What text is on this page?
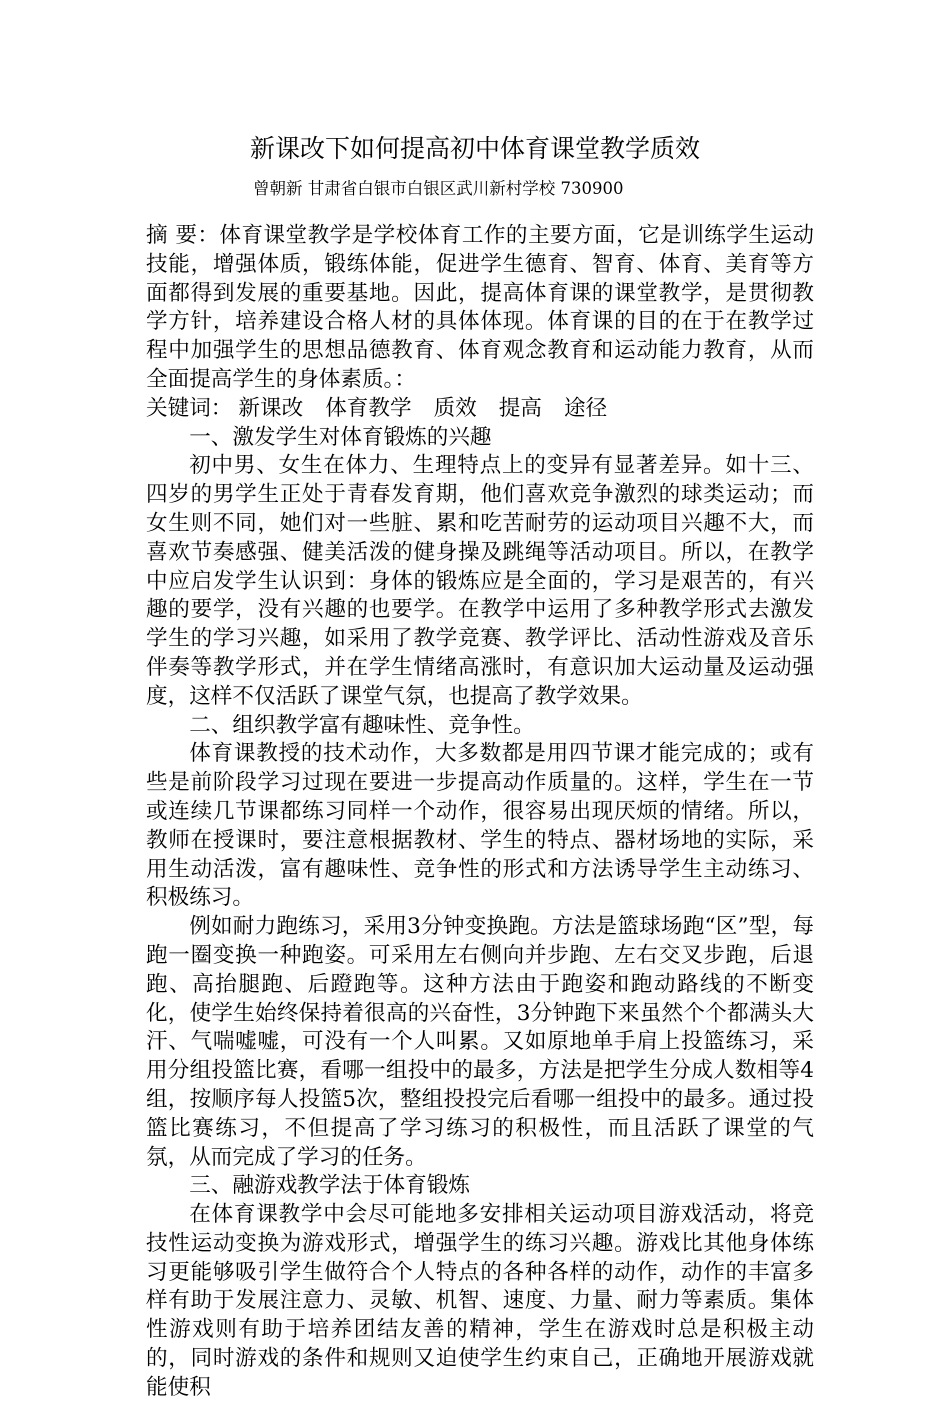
新课改下如何提高初中体育课堂教学质效
曾朝新 甘肃省白银市白银区武川新村学校 730900

摘 要：体育课堂教学是学校体育工作的主要方面，它是训练学生运动技能，增强体质，锻练体能，促进学生德育、智育、体育、美育等方面都得到发展的重要基地。因此，提高体育课的课堂教学，是贯彻教学方针，培养建设合格人材的具体体现。体育课的目的在于在教学过程中加强学生的思想品德教育、体育观念教育和运动能力教育，从而全面提高学生的身体素质。：

关键词： 新课改 体育教学 质效 提高 途径

一、激发学生对体育锻炼的兴趣

初中男、女生在体力、生理特点上的变异有显著差异。如十三、四岁的男学生正处于青春发育期，他们喜欢竞争激烈的球类运动；而女生则不同，她们对一些脏、累和吃苦耐劳的运动项目兴趣不大，而喜欢节奏感强、健美活泼的健身操及跳绳等活动项目。所以，在教学中应启发学生认识到：身体的锻炼应是全面的，学习是艰苦的，有兴趣的要学，没有兴趣的也要学。在教学中运用了多种教学形式去激发学生的学习兴趣，如采用了教学竞赛、教学评比、活动性游戏及音乐伴奏等教学形式，并在学生情绪高涨时，有意识加大运动量及运动强度，这样不仅活跃了课堂气氛，也提高了教学效果。

二、组织教学富有趣味性、竞争性。

体育课教授的技术动作，大多数都是用四节课才能完成的；或有些是前阶段学习过现在要进一步提高动作质量的。这样，学生在一节或连续几节课都练习同样一个动作，很容易出现厌烦的情绪。所以，教师在授课时，要注意根据教材、学生的特点、器材场地的实际，采用生动活泼，富有趣味性、竞争性的形式和方法诱导学生主动练习、积极练习。

例如耐力跑练习，采用3分钟变换跑。方法是篮球场跑“区”型，每跑一圈变换一种跑姿。可采用左右侧向并步跑、左右交叉步跑，后退跑、高抬腿跑、后蹬跑等。这种方法由于跑姿和跑动路线的不断变化，使学生始终保持着很高的兴奋性，3分钟跑下来虽然个个都满头大汗、气喘嘘嘘，可没有一个人叫累。又如原地单手肩上投篮练习，采用分组投篮比赛，看哪一组投中的最多，方法是把学生分成人数相等4组，按顺序每人投篮5次，整组投投完后看哪一组投中的最多。通过投篮比赛练习，不但提高了学习练习的积极性，而且活跃了课堂的气氛，从而完成了学习的任务。

三、融游戏教学法于体育锻炼

在体育课教学中会尽可能地多安排相关运动项目游戏活动，将竞技性运动变换为游戏形式，增强学生的练习兴趣。游戏比其他身体练习更能够吸引学生做符合个人特点的各种各样的动作，动作的丰富多样有助于发展注意力、灵敏、机智、速度、力量、耐力等素质。集体性游戏则有助于培养团结友善的精神，学生在游戏时总是积极主动的，同时游戏的条件和规则又迫使学生约束自己，正确地开展游戏就能使积
